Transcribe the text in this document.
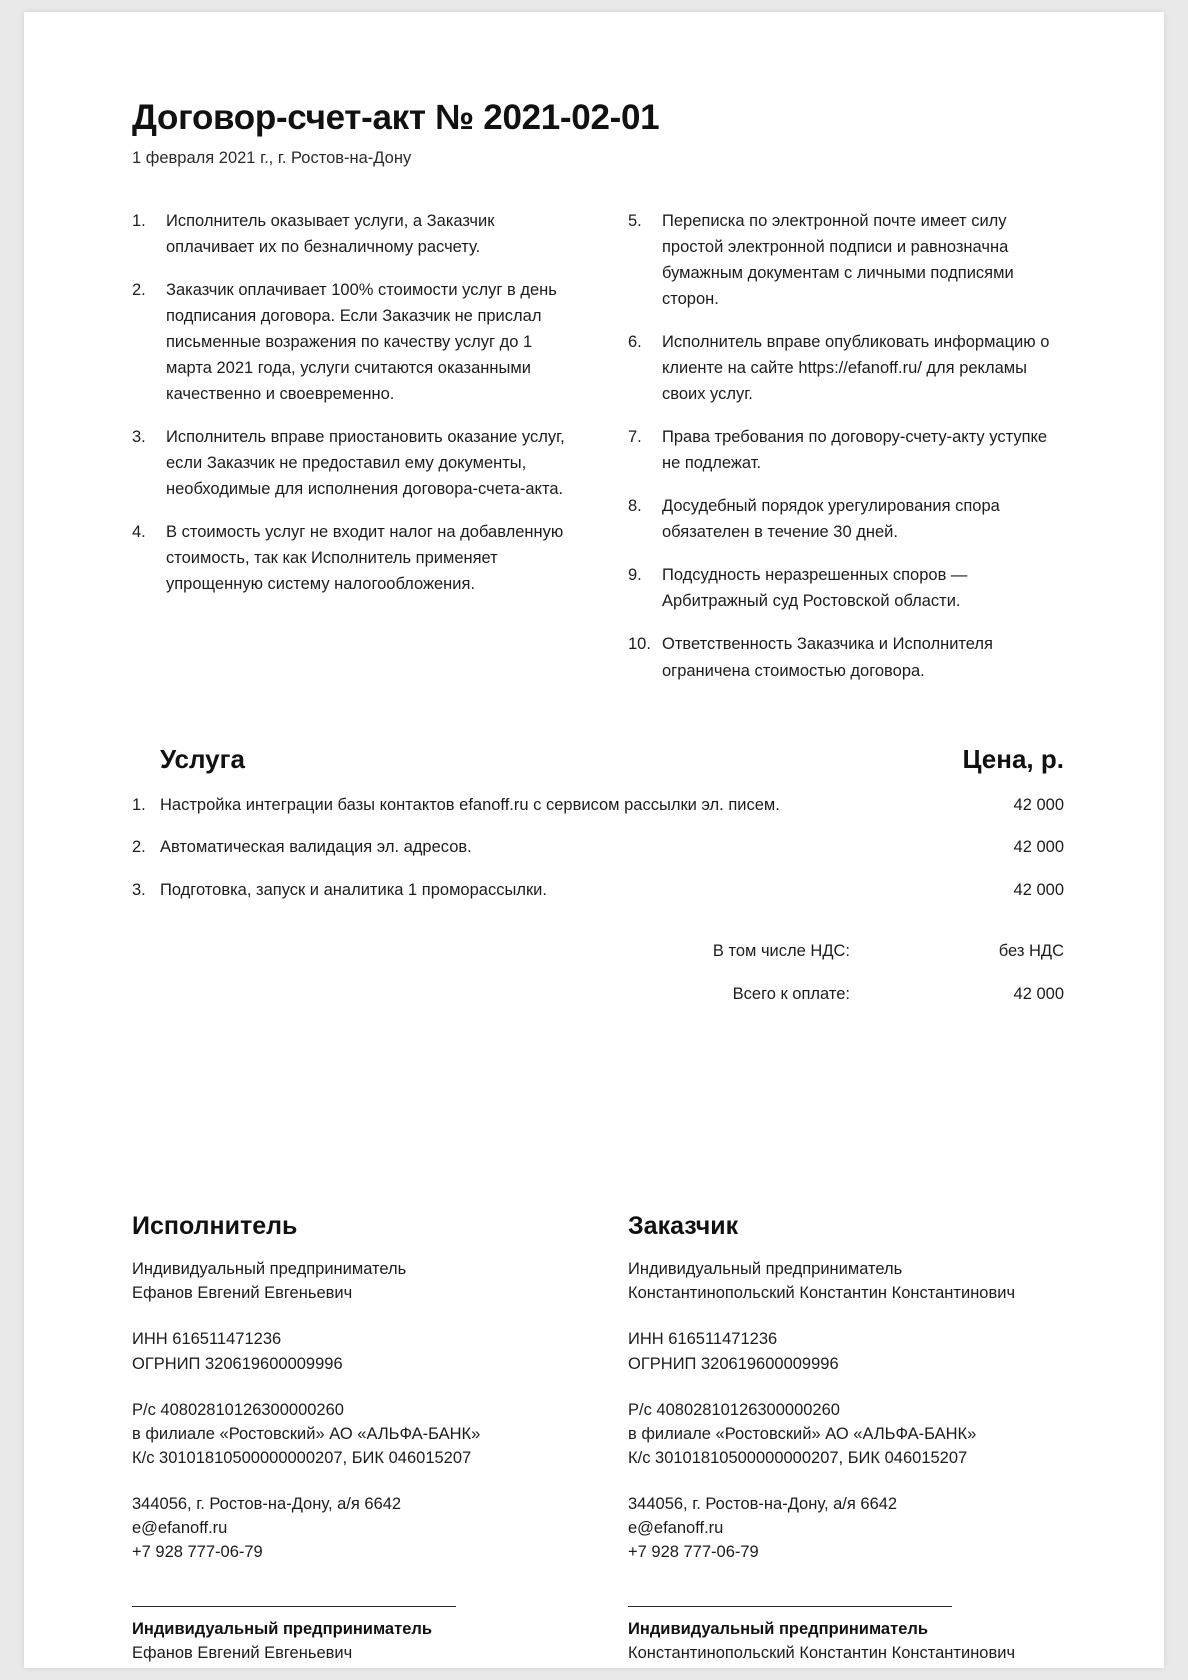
Договор-счет-акт № 2021-02-01

1 февраля 2021 г., г. Ростов-на-Дону

1.	Исполнитель оказывает услуги, а Заказчик оплачивает их по безналичному расчету.
2.	Заказчик оплачивает 100% стоимости услуг в день подписания договора. Если Заказчик не прислал письменные возражения по качеству услуг до 1 марта 2021 года, услуги считаются оказанными качественно и своевременно.
3.	Исполнитель вправе приостановить оказание услуг, если Заказчик не предоставил ему документы, необходимые для исполнения договора-счета-акта.
4.	В стоимость услуг не входит налог на добавленную стоимость, так как Исполнитель применяет упрощенную систему налогообложения.
5.	Переписка по электронной почте имеет силу простой электронной подписи и равнозначна бумажным документам с личными подписями сторон.
6.	Исполнитель вправе опубликовать информацию о клиенте на сайте https://efanoff.ru/ для рекламы своих услуг.
7.	Права требования по договору-счету-акту уступке не подлежат.
8.	Досудебный порядок урегулирования спора обязателен в течение 30 дней.
9.	Подсудность неразрешенных споров — Арбитражный суд Ростовской области.
10. Ответственность Заказчика и Исполнителя ограничена стоимостью договора.
Услуга	Цена, р.
1. Настройка интеграции базы контактов efanoff.ru с сервисом рассылки эл. писем.	42 000
2. Автоматическая валидация эл. адресов.	42 000
3. Подготовка, запуск и аналитика 1 проморассылки.	42 000
В том числе НДС:	без НДС
Всего к оплате:	42 000
Исполнитель
Индивидуальный предприниматель
Ефанов Евгений Евгеньевич
ИНН 616511471236
ОГРНИП 320619600009996
Р/с 40802810126300000260
в филиале «Ростовский» АО «АЛЬФА-БАНК»
К/с 30101810500000000207, БИК 046015207
344056, г. Ростов-на-Дону, а/я 6642
e@efanoff.ru
+7 928 777-06-79
Индивидуальный предприниматель
Ефанов Евгений Евгеньевич
Заказчик
Индивидуальный предприниматель
Константинопольский Константин Константинович
ИНН 616511471236
ОГРНИП 320619600009996
Р/с 40802810126300000260
в филиале «Ростовский» АО «АЛЬФА-БАНК»
К/с 30101810500000000207, БИК 046015207
344056, г. Ростов-на-Дону, а/я 6642
e@efanoff.ru
+7 928 777-06-79
Индивидуальный предприниматель
Константинопольский Константин Константинович
